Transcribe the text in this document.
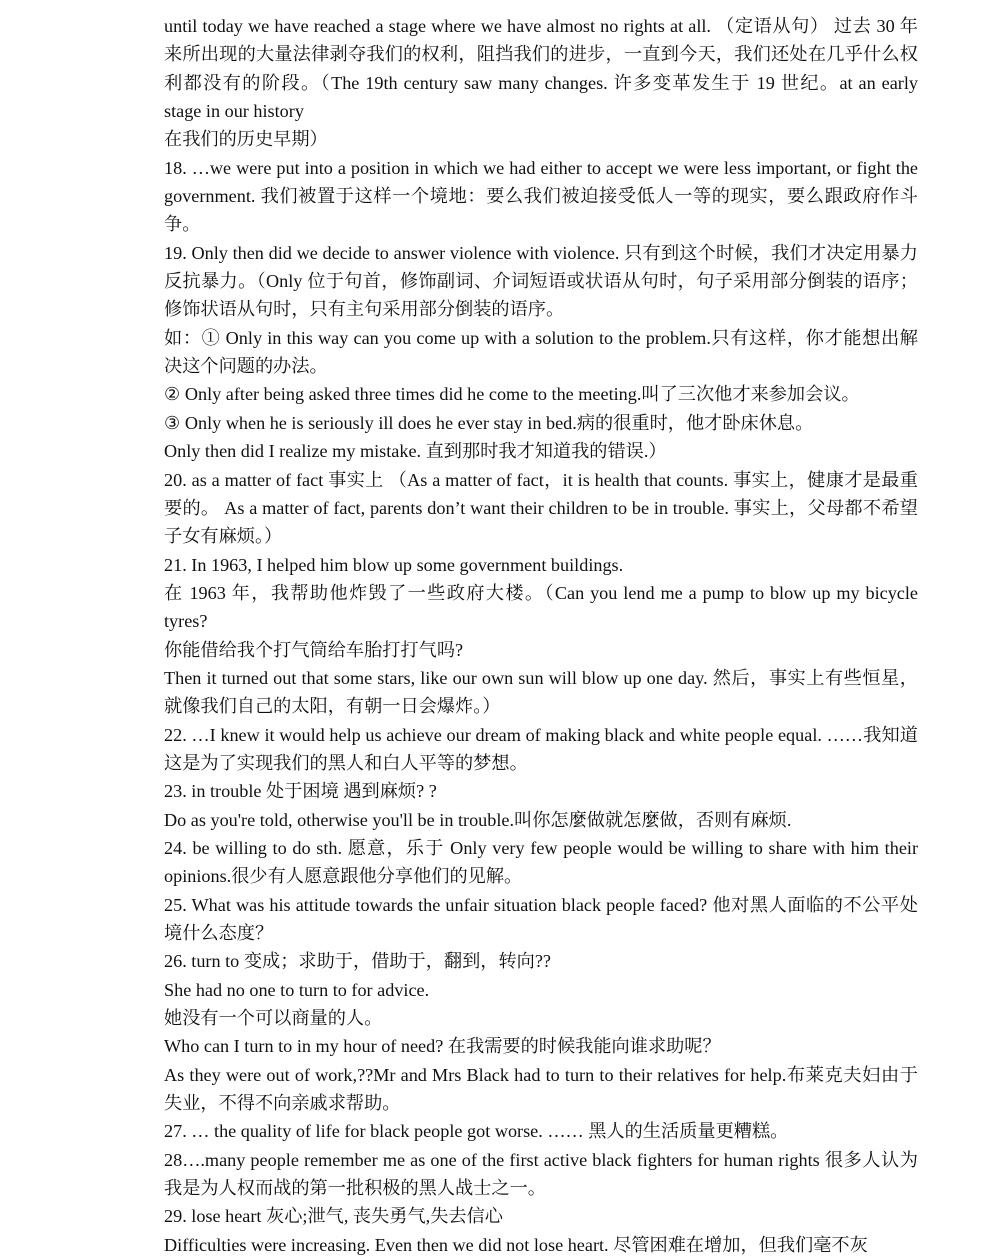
until today we have reached a stage where we have almost no rights at all. （定语从句） 过去 30 年来所出现的大量法律剥夺我们的权利，阻挡我们的进步，一直到今天，我们还处在几乎什么权利都没有的阶段。（The 19th century saw many changes. 许多变革发生于 19 世纪。at an early stage in our history

在我们的历史早期）

18. …we were put into a position in which we had either to accept we were less important, or fight the government. 我们被置于这样一个境地：要么我们被迫接受低人一等的现实，要么跟政府作斗争。

19. Only then did we decide to answer violence with violence. 只有到这个时候，我们才决定用暴力反抗暴力。（Only 位于句首，修饰副词、介词短语或状语从句时，句子采用部分倒装的语序；修饰状语从句时，只有主句采用部分倒装的语序。

如：① Only in this way can you come up with a solution to the problem.只有这样，你才能想出解决这个问题的办法。

② Only after being asked three times did he come to the meeting.叫了三次他才来参加会议。

③ Only when he is seriously ill does he ever stay in bed.病的很重时，他才卧床休息。

Only then did I realize my mistake. 直到那时我才知道我的错误.）

20. as a matter of fact 事实上 （As a matter of fact，it is health that counts. 事实上，健康才是最重要的。 As a matter of fact, parents don’t want their children to be in trouble. 事实上，父母都不希望子女有麻烦。）

21. In 1963, I helped him blow up some government buildings.

在 1963 年，我帮助他炸毁了一些政府大楼。（Can you lend me a pump to blow up my bicycle tyres?

你能借给我个打气筒给车胎打打气吗?

Then it turned out that some stars, like our own sun will blow up one day. 然后，事实上有些恒星，就像我们自己的太阳，有朝一日会爆炸。）

22. …I knew it would help us achieve our dream of making black and white people equal. ……我知道这是为了实现我们的黑人和白人平等的梦想。

23. in trouble 处于困境 遇到麻烦? ?

Do as you're told, otherwise you'll be in trouble.叫你怎麼做就怎麼做，否则有麻烦.

24. be willing to do sth. 愿意，乐于 Only very few people would be willing to share with him their opinions.很少有人愿意跟他分享他们的见解。

25. What was his attitude towards the unfair situation black people faced? 他对黑人面临的不公平处境什么态度？

26. turn to 变成；求助于，借助于，翻到，转向??

She had no one to turn to for advice.

她没有一个可以商量的人。

Who can I turn to in my hour of need? 在我需要的时候我能向谁求助呢？

As they were out of work,??Mr and Mrs Black had to turn to their relatives for help.布莱克夫妇由于失业，不得不向亲戚求帮助。

27. … the quality of life for black people got worse. …… 黑人的生活质量更糟糕。

28….many people remember me as one of the first active black fighters for human rights 很多人认为我是为人权而战的第一批积极的黑人战士之一。

29. lose heart 灰心;泄气, 丧失勇气,失去信心

Difficulties were increasing. Even then we did not lose heart. 尽管困难在增加，但我们毫不灰
